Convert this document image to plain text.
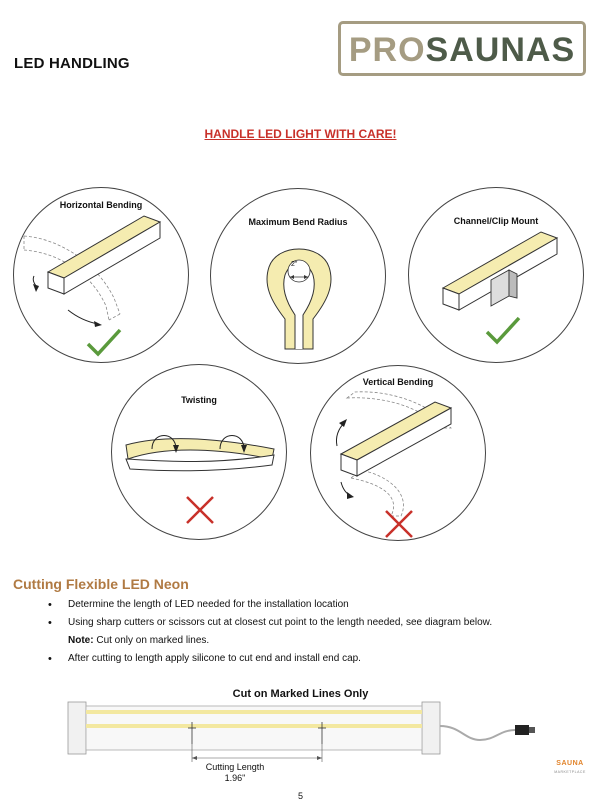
LED HANDLING	PROSAUNAS
HANDLE LED LIGHT WITH CARE!
Horizontal Bending
Maximum Bend Radius
2"
Channel/Clip Mount
Twisting
Vertical Bending
Cutting Flexible LED Neon
• Determine the length of LED needed for the installation location
• Using sharp cutters or scissors cut at closest cut point to the length needed, see diagram below.
Note: Cut only on marked lines.
• After cutting to length apply silicone to cut end and install end cap.
Cut on Marked Lines Only
Cutting Length
1.96"
SAUNA
MARKETPLACE
5
